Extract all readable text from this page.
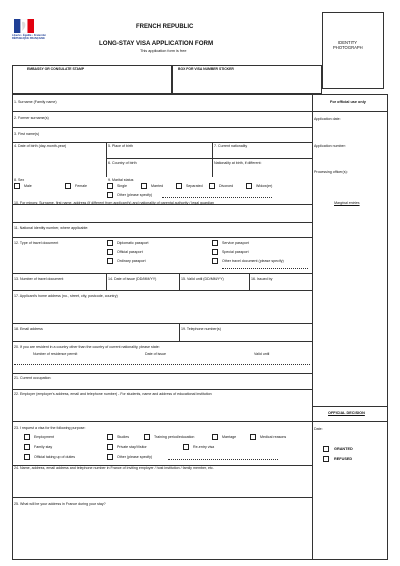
Liberté • Égalité • Fraternité RÉPUBLIQUE FRANÇAISE
FRENCH REPUBLIC
LONG-STAY VISA APPLICATION FORM
This application form is free
IDENTITY
PHOTOGRAPH
EMBASSY OR CONSULATE STAMP	BOX FOR VISA NUMBER STICKER
1. Surname (Family name)
2. Former surname(s)
3. First name(s)
4. Date of birth (day-month-year)	5. Place of birth
6. Country of birth
7. Current nationality
Nationality at birth, if different:
8. Sex
Male	Female
9. Marital status
Single	Married	Separated	Divorced	Widow(er)
Other (please specify)
10. For minors: Surname, first name, address (if different from applicant's) and nationality of parental authority / legal guardian
11. National identity number, where applicable:
12. Type of travel document	Diplomatic passport
Official passport
Ordinary passport
Service passport
Special passport
Other travel document (please specify)
13. Number of travel document	14. Date of issue (DD/MM/YY)	15. Valid until (DD/MM/YY)	16. Issued by
17. Applicant's home address (no., street, city, postcode, country)
18. Email address	19. Telephone number(s)
20. If you are resident in a country other than the country of current nationality, please state:
Number of residence permit	Date of issue	Valid until
21. Current occupation:
22. Employer (employer's address, email and telephone number) - For students, name and address of educational institution
23. I request a visa for the following purpose:
Employment	Studies	Training period/education	Marriage	Medical reasons
Family stay	Private stay/Visitor	Re-entry visa
Official taking up of duties	Other (please specify)
24. Name, address, email address and telephone number in France of inviting employer / host institution / family member, etc.
25. What will be your address in France during your stay?
For official use only
Application date:
Application number:
Processing officer(s):
Marginal entries
OFFICIAL DECISION
Date:
GRANTED
REFUSED
